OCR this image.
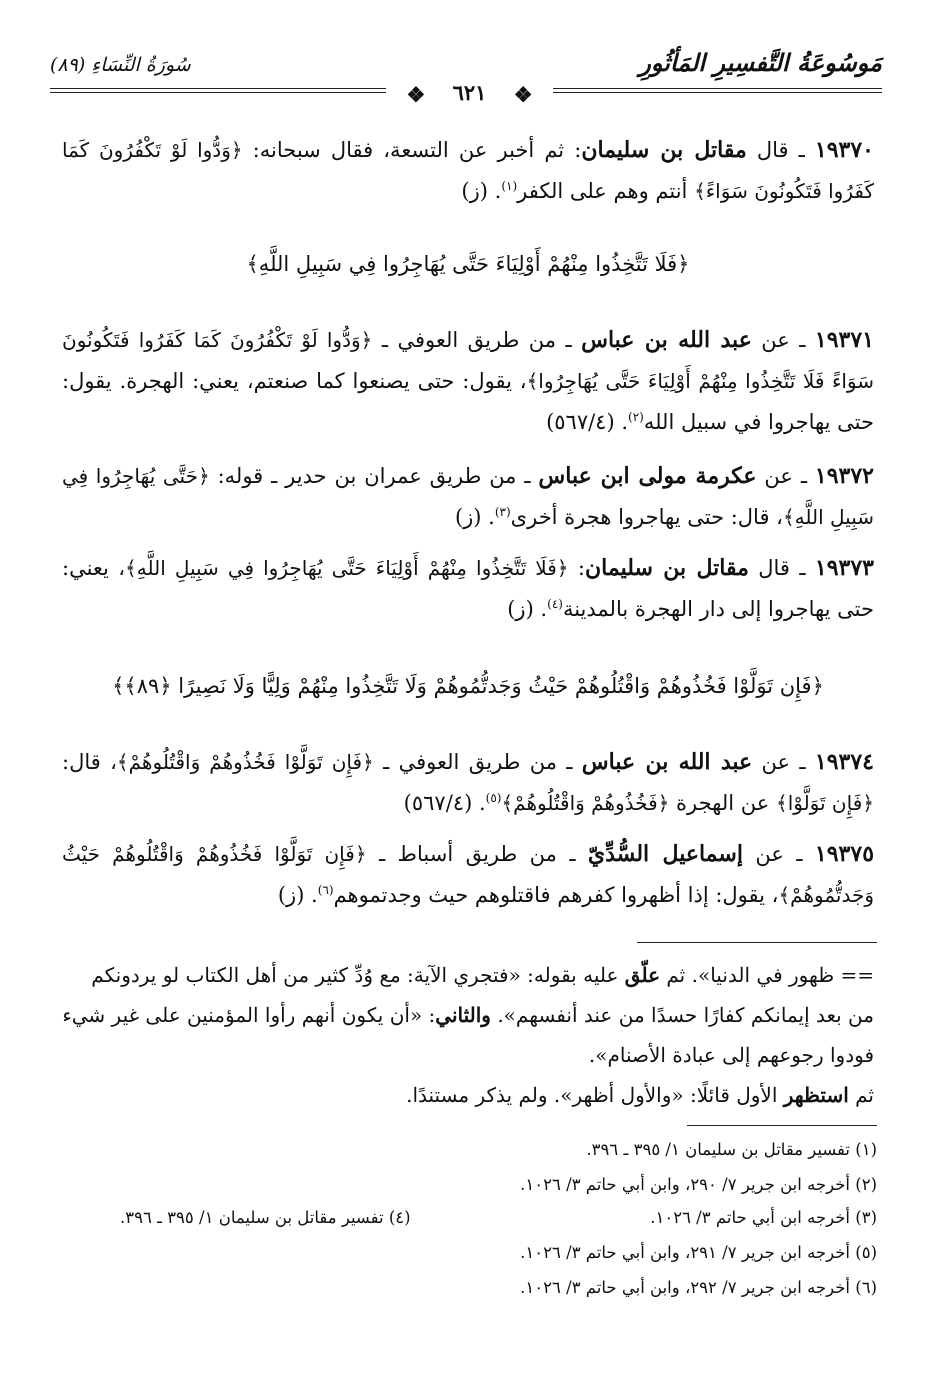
مَوسُوعَةُ التَّفسِيرِ المَأثُورِ
سُورَةُ النِّسَاءِ (٨٩)
❖ ٦٢١ ❖
١٩٣٧٠ ـ قال مقاتل بن سليمان: ثم أخبر عن التسعة، فقال سبحانه: ﴿وَدُّوا لَوْ تَكْفُرُونَ كَمَا كَفَرُوا فَتَكُونُونَ سَوَاءً﴾ أنتم وهم على الكفر$^{(١)}$. (ز)
﴿فَلَا تَتَّخِذُوا مِنْهُمْ أَوْلِيَاءَ حَتَّى يُهَاجِرُوا فِي سَبِيلِ اللَّهِ﴾
١٩٣٧١ ـ عن عبد الله بن عباس ـ من طريق العوفي ـ ﴿وَدُّوا لَوْ تَكْفُرُونَ كَمَا كَفَرُوا فَتَكُونُونَ سَوَاءً فَلَا تَتَّخِذُوا مِنْهُمْ أَوْلِيَاءَ حَتَّى يُهَاجِرُوا﴾، يقول: حتى يصنعوا كما صنعتم، يعني: الهجرة. يقول: حتى يهاجروا في سبيل الله$^{(٢)}$. (٥٦٧/٤)
١٩٣٧٢ ـ عن عكرمة مولى ابن عباس ـ من طريق عمران بن حدير ـ قوله: ﴿حَتَّى يُهَاجِرُوا فِي سَبِيلِ اللَّهِ﴾، قال: حتى يهاجروا هجرة أخرى$^{(٣)}$. (ز)
١٩٣٧٣ ـ قال مقاتل بن سليمان: ﴿فَلَا تَتَّخِذُوا مِنْهُمْ أَوْلِيَاءَ حَتَّى يُهَاجِرُوا فِي سَبِيلِ اللَّهِ﴾، يعني: حتى يهاجروا إلى دار الهجرة بالمدينة$^{(٤)}$. (ز)
﴿فَإِن تَوَلَّوْا فَخُذُوهُمْ وَاقْتُلُوهُمْ حَيْثُ وَجَدتُّمُوهُمْ وَلَا تَتَّخِذُوا مِنْهُمْ وَلِيًّا وَلَا نَصِيرًا ﴿٨٩﴾﴾
١٩٣٧٤ ـ عن عبد الله بن عباس ـ من طريق العوفي ـ ﴿فَإِن تَوَلَّوْا فَخُذُوهُمْ وَاقْتُلُوهُمْ﴾، قال: ﴿فَإِن تَوَلَّوْا﴾ عن الهجرة ﴿فَخُذُوهُمْ وَاقْتُلُوهُمْ﴾$^{(٥)}$. (٥٦٧/٤)
١٩٣٧٥ ـ عن إسماعيل السُّدِّيّ ـ من طريق أسباط ـ ﴿فَإِن تَوَلَّوْا فَخُذُوهُمْ وَاقْتُلُوهُمْ حَيْثُ وَجَدتُّمُوهُمْ﴾، يقول: إذا أظهروا كفرهم فاقتلوهم حيث وجدتموهم$^{(٦)}$. (ز)
== ظهور في الدنيا». ثم علّق عليه بقوله: «فتجري الآية: مع وُدِّ كثير من أهل الكتاب لو يردونكم من بعد إيمانكم كفارًا حسدًا من عند أنفسهم». والثاني: «أن يكون أنهم رأوا المؤمنين على غير شيء فودوا رجوعهم إلى عبادة الأصنام».
ثم استظهر الأول قائلًا: «والأول أظهر». ولم يذكر مستندًا.
(١) تفسير مقاتل بن سليمان ١/ ٣٩٥ ـ ٣٩٦.
(٢) أخرجه ابن جرير ٧/ ٢٩٠، وابن أبي حاتم ٣/ ١٠٢٦.
(٣) أخرجه ابن أبي حاتم ٣/ ١٠٢٦.
(٤) تفسير مقاتل بن سليمان ١/ ٣٩٥ ـ ٣٩٦.
(٥) أخرجه ابن جرير ٧/ ٢٩١، وابن أبي حاتم ٣/ ١٠٢٦.
(٦) أخرجه ابن جرير ٧/ ٢٩٢، وابن أبي حاتم ٣/ ١٠٢٦.
